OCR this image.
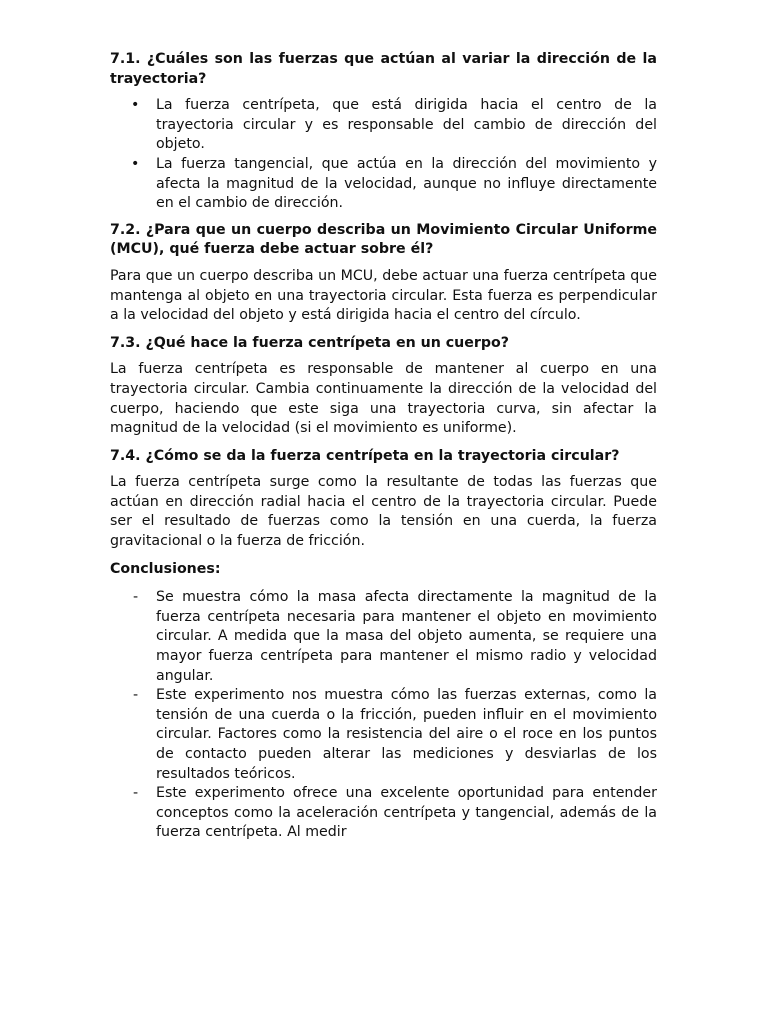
7.1. ¿Cuáles son las fuerzas que actúan al variar la dirección de la trayectoria?
• La fuerza centrípeta, que está dirigida hacia el centro de la trayectoria circular y es responsable del cambio de dirección del objeto.
• La fuerza tangencial, que actúa en la dirección del movimiento y afecta la magnitud de la velocidad, aunque no influye directamente en el cambio de dirección.
7.2. ¿Para que un cuerpo describa un Movimiento Circular Uniforme (MCU), qué fuerza debe actuar sobre él?
Para que un cuerpo describa un MCU, debe actuar una fuerza centrípeta que mantenga al objeto en una trayectoria circular. Esta fuerza es perpendicular a la velocidad del objeto y está dirigida hacia el centro del círculo.
7.3. ¿Qué hace la fuerza centrípeta en un cuerpo?
La fuerza centrípeta es responsable de mantener al cuerpo en una trayectoria circular. Cambia continuamente la dirección de la velocidad del cuerpo, haciendo que este siga una trayectoria curva, sin afectar la magnitud de la velocidad (si el movimiento es uniforme).
7.4. ¿Cómo se da la fuerza centrípeta en la trayectoria circular?
La fuerza centrípeta surge como la resultante de todas las fuerzas que actúan en dirección radial hacia el centro de la trayectoria circular. Puede ser el resultado de fuerzas como la tensión en una cuerda, la fuerza gravitacional o la fuerza de fricción.
Conclusiones:
- Se muestra cómo la masa afecta directamente la magnitud de la fuerza centrípeta necesaria para mantener el objeto en movimiento circular. A medida que la masa del objeto aumenta, se requiere una mayor fuerza centrípeta para mantener el mismo radio y velocidad angular.
- Este experimento nos muestra cómo las fuerzas externas, como la tensión de una cuerda o la fricción, pueden influir en el movimiento circular. Factores como la resistencia del aire o el roce en los puntos de contacto pueden alterar las mediciones y desviarlas de los resultados teóricos.
- Este experimento ofrece una excelente oportunidad para entender conceptos como la aceleración centrípeta y tangencial, además de la fuerza centrípeta. Al medir
